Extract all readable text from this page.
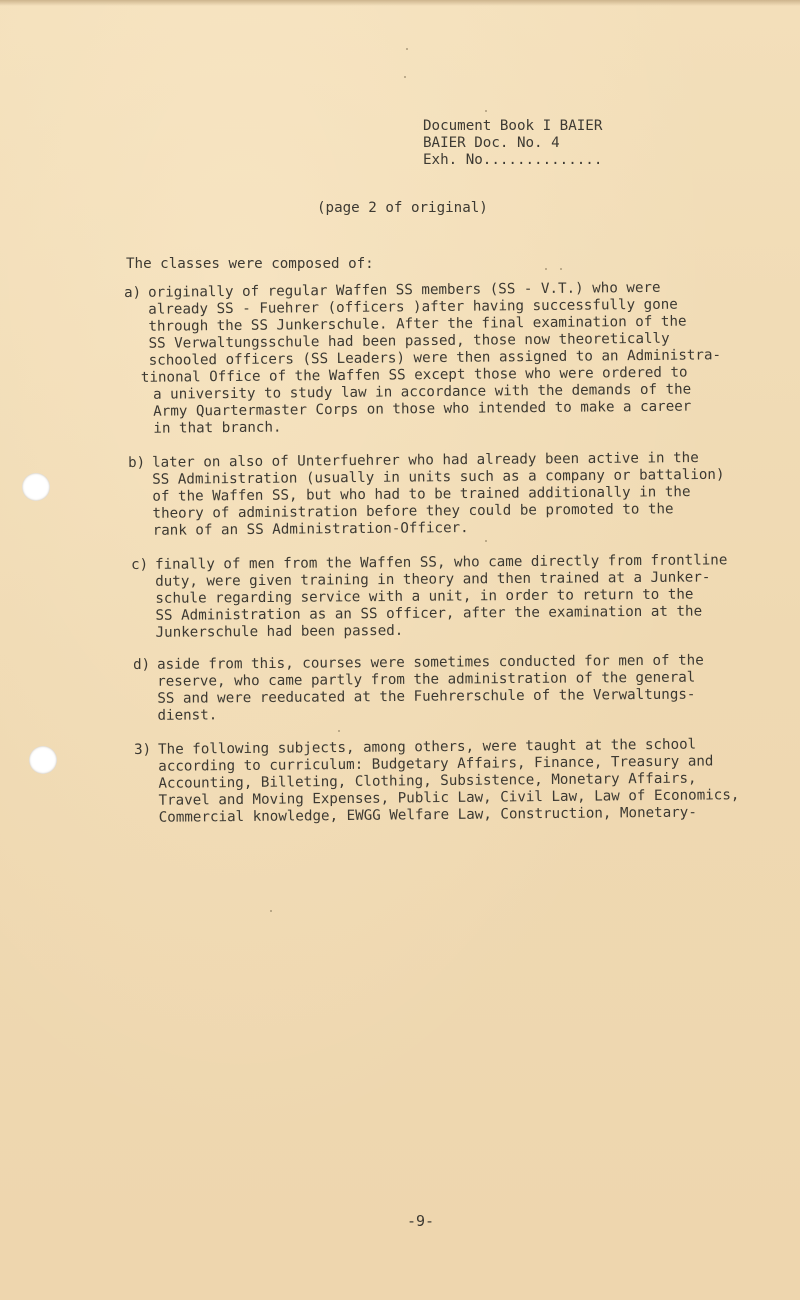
Document Book I BAIER
BAIER Doc. No. 4
Exh. No..............
(page 2 of original)
The classes were composed of:
a) originally of regular Waffen SS members (SS - V.T.) who were
already SS - Fuehrer (officers )after having successfully gone
through the SS Junkerschule. After the final examination of the
SS Verwaltungsschule had been passed, those now theoretically
schooled officers (SS Leaders) were then assigned to an Administra-
tinonal Office of the Waffen SS except those who were ordered to
a university to study law in accordance with the demands of the
Army Quartermaster Corps on those who intended to make a career
in that branch.
b) later on also of Unterfuehrer who had already been active in the
SS Administration (usually in units such as a company or battalion)
of the Waffen SS, but who had to be trained additionally in the
theory of administration before they could be promoted to the
rank of an SS Administration-Officer.
c) finally of men from the Waffen SS, who came directly from frontline
duty, were given training in theory and then trained at a Junker-
schule regarding service with a unit, in order to return to the
SS Administration as an SS officer, after the examination at the
Junkerschule had been passed.
d) aside from this, courses were sometimes conducted for men of the
reserve, who came partly from the administration of the general
SS and were reeducated at the Fuehrerschule of the Verwaltungs-
dienst.
3) The following subjects, among others, were taught at the school
according to curriculum: Budgetary Affairs, Finance, Treasury and
Accounting, Billeting, Clothing, Subsistence, Monetary Affairs,
Travel and Moving Expenses, Public Law, Civil Law, Law of Economics,
Commercial knowledge, EWGG Welfare Law, Construction, Monetary-
-9-
